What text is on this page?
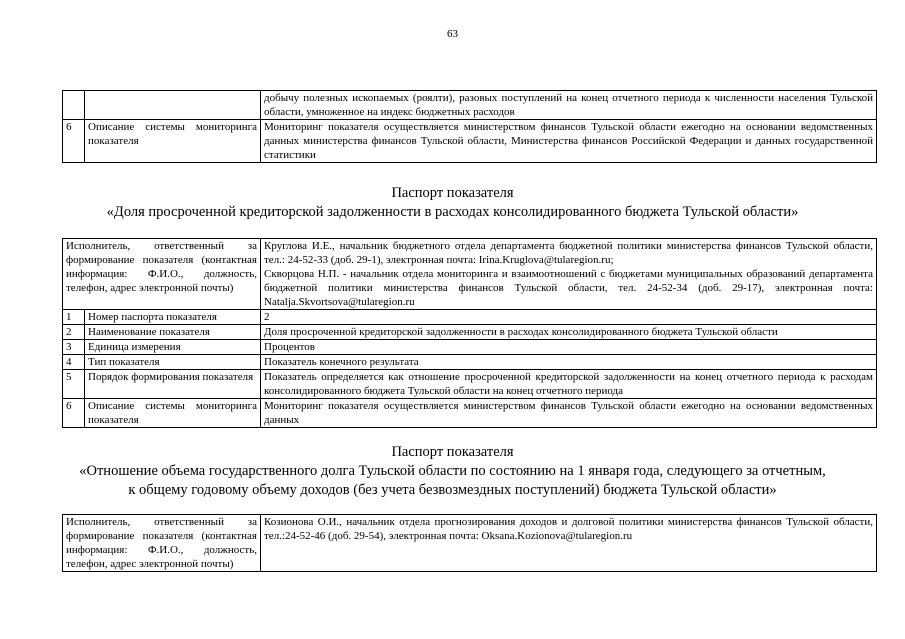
63
		добычу полезных ископаемых (роялти), разовых поступлений на конец отчетного периода к численности населения Тульской области, умноженное на индекс бюджетных расходов
6	Описание системы мониторинга показателя	Мониторинг показателя осуществляется министерством финансов Тульской области ежегодно на основании ведомственных данных министерства финансов Тульской области, Министерства финансов Российской Федерации и данных государственной статистики
Паспорт показателя
«Доля просроченной кредиторской задолженности в расходах консолидированного бюджета Тульской области»
Исполнитель, ответственный за формирование показателя (контактная информация: Ф.И.О., должность, телефон, адрес электронной почты)		Круглова И.Е., начальник бюджетного отдела департамента бюджетной политики министерства финансов Тульской области, тел.: 24-52-33 (доб. 29-1), электронная почта: Irina.Kruglova@tularegion.ru;
Скворцова Н.П. - начальник отдела мониторинга и взаимоотношений с бюджетами муниципальных образований департамента бюджетной политики министерства финансов Тульской области, тел. 24-52-34 (доб. 29-17), электронная почта: Natalja.Skvortsova@tularegion.ru

1	Номер паспорта показателя	2
2	Наименование показателя	Доля просроченной кредиторской задолженности в расходах консолидированного бюджета Тульской области
3	Единица измерения	Процентов
4	Тип показателя	Показатель конечного результата
5	Порядок формирования показателя	Показатель определяется как отношение просроченной кредиторской задолженности на конец отчетного периода к расходам консолидированного бюджета Тульской области на конец отчетного периода
6	Описание системы мониторинга показателя	Мониторинг показателя осуществляется министерством финансов Тульской области ежегодно на основании ведомственных данных
Паспорт показателя
«Отношение объема государственного долга Тульской области по состоянию на 1 января года, следующего за отчетным,
к общему годовому объему доходов (без учета безвозмездных поступлений) бюджета Тульской области»
Исполнитель, ответственный за формирование показателя (контактная информация: Ф.И.О., должность, телефон, адрес электронной почты)	Козионова О.И., начальник отдела прогнозирования доходов и долговой политики министерства финансов Тульской области, тел.:24-52-46 (доб. 29-54), электронная почта: Oksana.Kozionova@tularegion.ru
